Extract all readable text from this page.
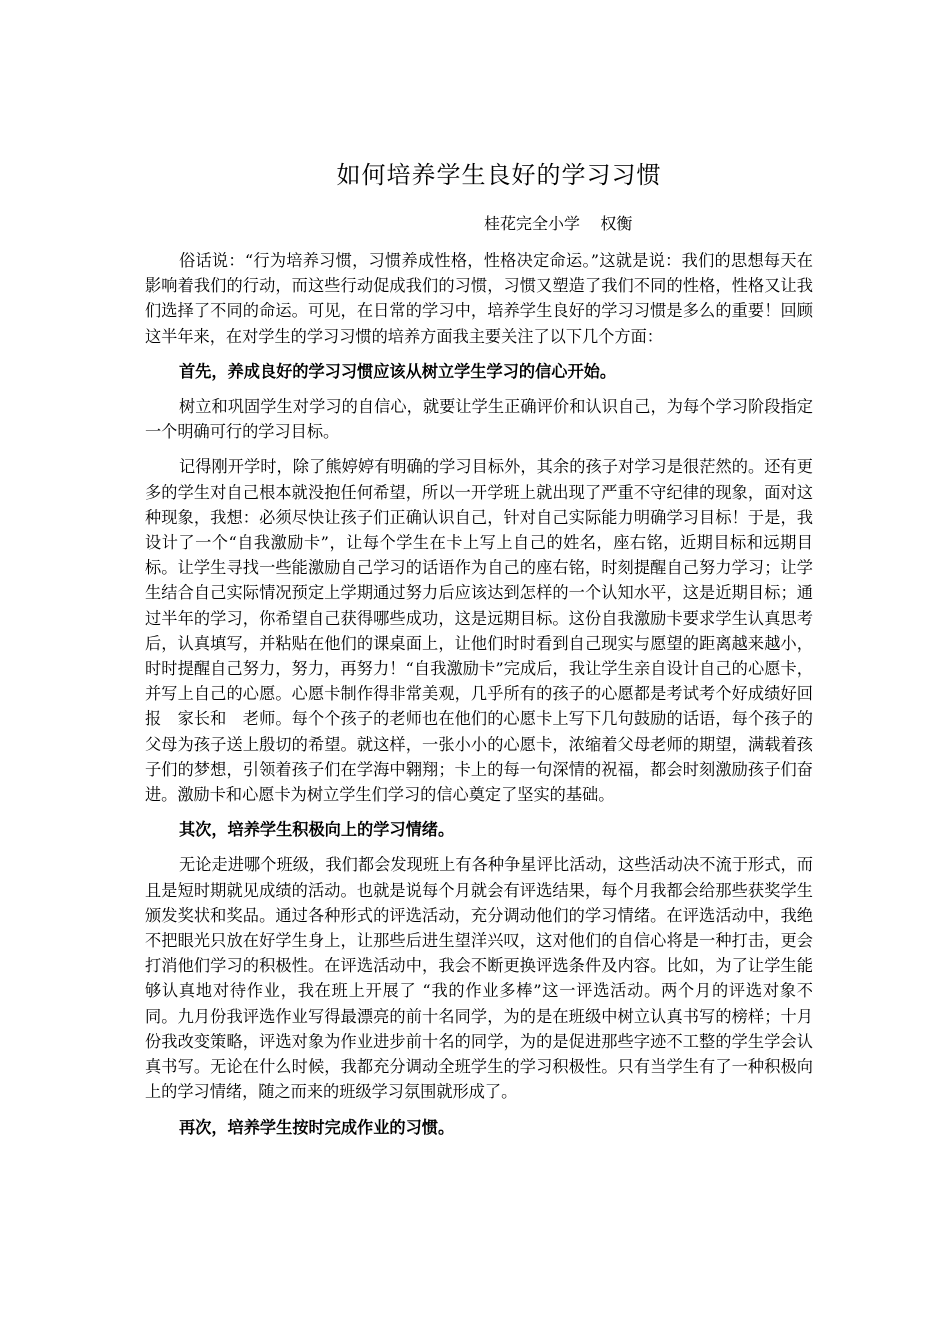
如何培养学生良好的学习习惯
桂花完全小学    权衡

俗话说：“行为培养习惯，习惯养成性格，性格决定命运。”这就是说：我们的思想每天在影响着我们的行动，而这些行动促成我们的习惯，习惯又塑造了我们不同的性格，性格又让我们选择了不同的命运。可见，在日常的学习中，培养学生良好的学习习惯是多么的重要！回顾这半年来，在对学生的学习习惯的培养方面我主要关注了以下几个方面：

首先，养成良好的学习习惯应该从树立学生学习的信心开始。

树立和巩固学生对学习的自信心，就要让学生正确评价和认识自己，为每个学习阶段指定一个明确可行的学习目标。

记得刚开学时，除了熊婷婷有明确的学习目标外，其余的孩子对学习是很茫然的。还有更多的学生对自己根本就没抱任何希望，所以一开学班上就出现了严重不守纪律的现象，面对这种现象，我想：必须尽快让孩子们正确认识自己，针对自己实际能力明确学习目标！于是，我设计了一个“自我激励卡”，让每个学生在卡上写上自己的姓名，座右铭，近期目标和远期目标。让学生寻找一些能激励自己学习的话语作为自己的座右铭，时刻提醒自己努力学习；让学生结合自己实际情况预定上学期通过努力后应该达到怎样的一个认知水平，这是近期目标；通过半年的学习，你希望自己获得哪些成功，这是远期目标。这份自我激励卡要求学生认真思考后，认真填写，并粘贴在他们的课桌面上，让他们时时看到自己现实与愿望的距离越来越小，时时提醒自己努力，努力，再努力！“自我激励卡”完成后，我让学生亲自设计自己的心愿卡，并写上自己的心愿。心愿卡制作得非常美观，几乎所有的孩子的心愿都是考试考个好成绩好回报　家长和　老师。每个个孩子的老师也在他们的心愿卡上写下几句鼓励的话语，每个孩子的父母为孩子送上殷切的希望。就这样，一张小小的心愿卡，浓缩着父母老师的期望，满载着孩子们的梦想，引领着孩子们在学海中翱翔；卡上的每一句深情的祝福，都会时刻激励孩子们奋进。激励卡和心愿卡为树立学生们学习的信心奠定了坚实的基础。

其次，培养学生积极向上的学习情绪。

无论走进哪个班级，我们都会发现班上有各种争星评比活动，这些活动决不流于形式，而且是短时期就见成绩的活动。也就是说每个月就会有评选结果，每个月我都会给那些获奖学生颁发奖状和奖品。通过各种形式的评选活动，充分调动他们的学习情绪。在评选活动中，我绝不把眼光只放在好学生身上，让那些后进生望洋兴叹，这对他们的自信心将是一种打击，更会打消他们学习的积极性。在评选活动中，我会不断更换评选条件及内容。比如，为了让学生能够认真地对待作业，我在班上开展了 “我的作业多棒”这一评选活动。两个月的评选对象不同。九月份我评选作业写得最漂亮的前十名同学，为的是在班级中树立认真书写的榜样；十月份我改变策略，评选对象为作业进步前十名的同学，为的是促进那些字迹不工整的学生学会认真书写。无论在什么时候，我都充分调动全班学生的学习积极性。只有当学生有了一种积极向上的学习情绪，随之而来的班级学习氛围就形成了。

再次，培养学生按时完成作业的习惯。
